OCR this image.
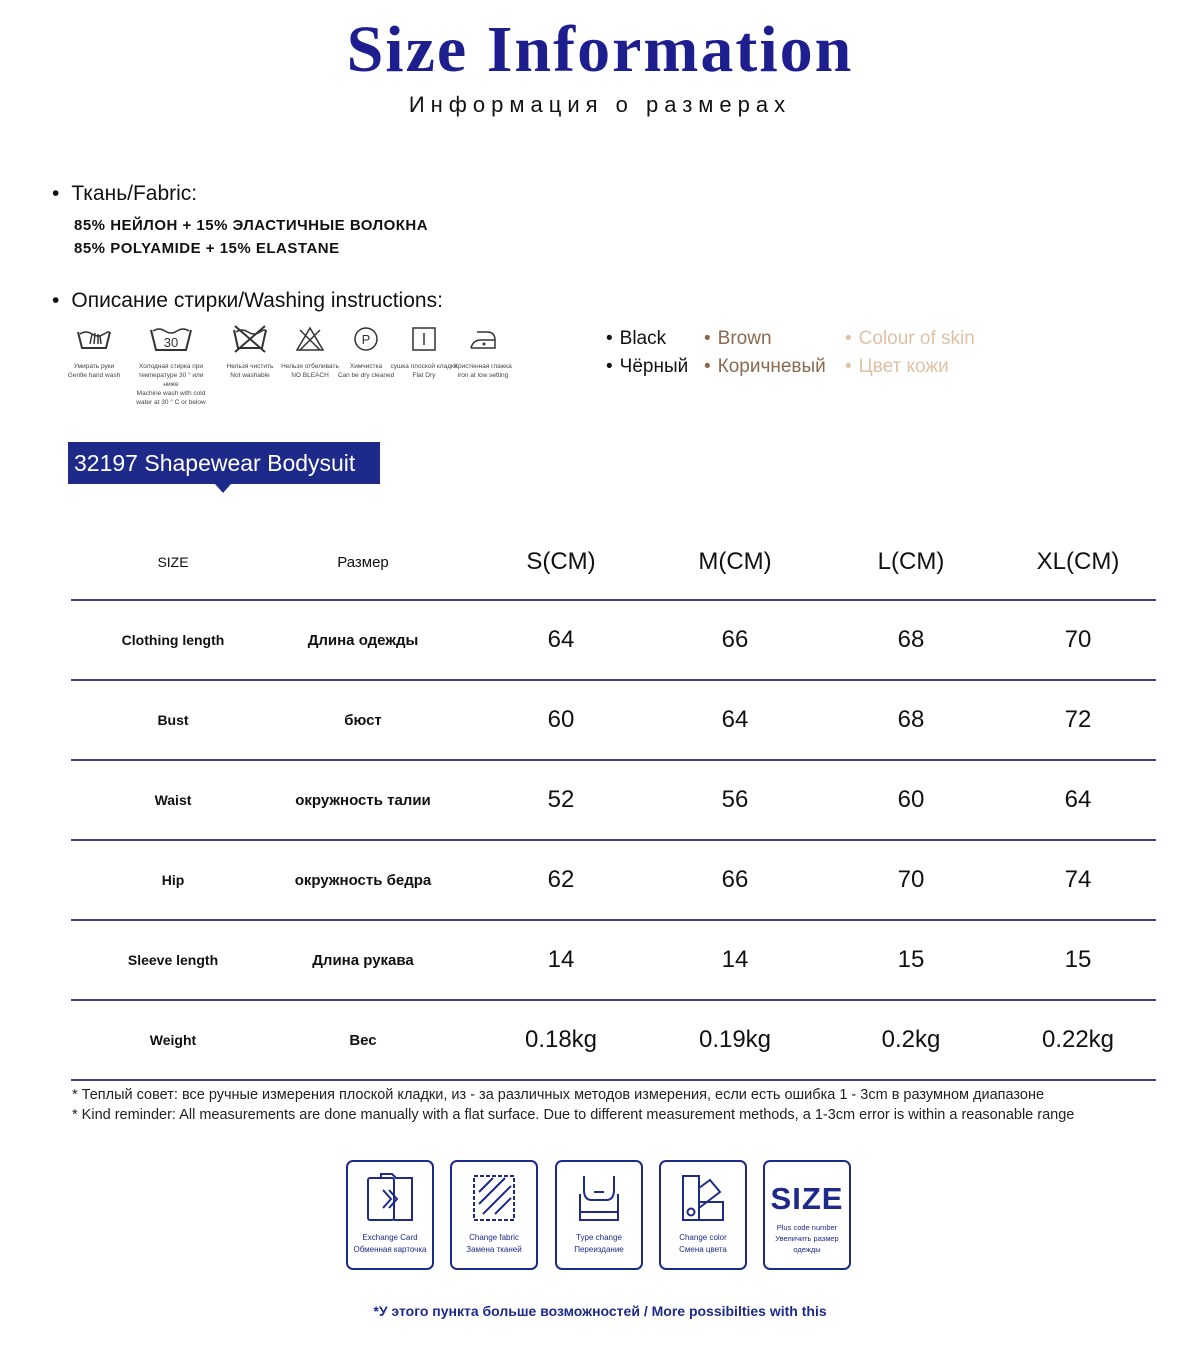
Size Information
Информация о размерах
• Ткань/Fabric:
85% НЕЙЛОН + 15% ЭЛАСТИЧНЫЕ ВОЛОКНА
85% POLYAMIDE + 15% ELASTANE
• Описание стирки/Washing instructions:
Умирать руки
Gentle hand wash
30
Холодная стирка при температуре 30 ° или ниже
Machine wash with cold water at 30 ° C or below
Нельзя чистить
Not washable
Нельзя отбеливать
NO BLEACH
P
Химчистка
Can be dry cleaned
сушка плоской кладки
Flat Dry
Кристенная глажка
iron at low setting
• Black	• Brown	• Colour of skin
• Чёрный	• Коричневый	• Цвет кожи
32197 Shapewear Bodysuit
SIZE	Размер	S(CM)	M(CM)	L(CM)	XL(CM)
Clothing length	Длина одежды	64	66	68	70
Bust	бюст	60	64	68	72
Waist	окружность талии	52	56	60	64
Hip	окружность бедра	62	66	70	74
Sleeve length	Длина рукава	14	14	15	15
Weight	Вес	0.18kg	0.19kg	0.2kg	0.22kg
* Теплый совет: все ручные измерения плоской кладки, из - за различных методов измерения, если есть ошибка 1 - 3cm в разумном диапазоне
* Kind reminder: All measurements are done manually with a flat surface. Due to different measurement methods, a 1-3cm error is within a reasonable range
Exchange Card
Обменная карточка
Change fabric
Замена тканей
Type change
Переиздание
Change color
Смена цвета
SIZE
Plus code number
Увеличить размер одежды
*У этого пункта больше возможностей / More possibilties with this
